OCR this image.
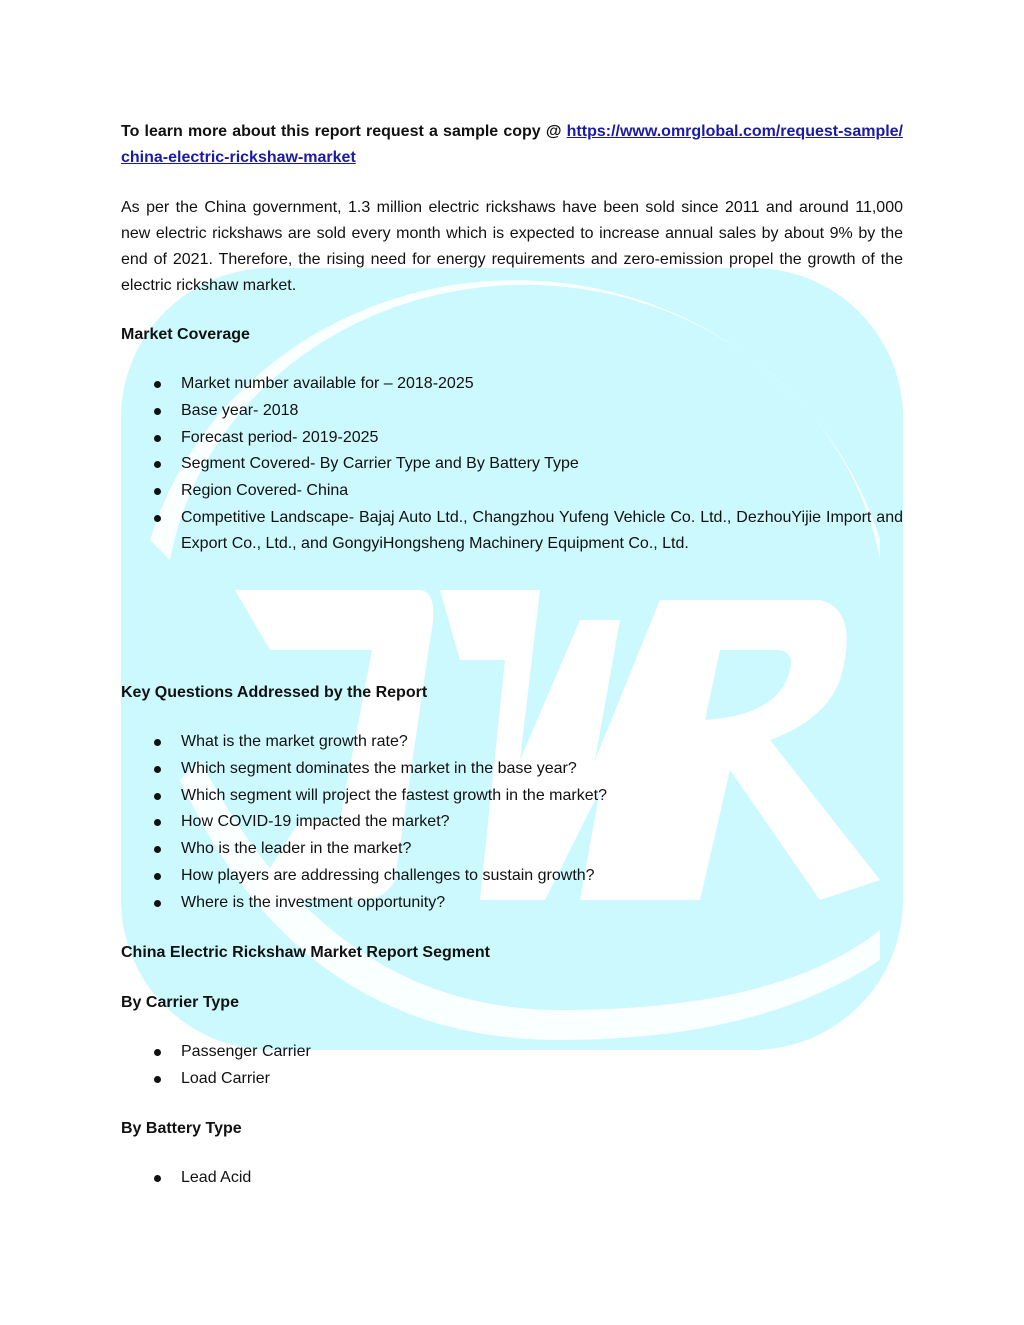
To learn more about this report request a sample copy @ https://www.omrglobal.com/request-sample/china-electric-rickshaw-market

As per the China government, 1.3 million electric rickshaws have been sold since 2011 and around 11,000 new electric rickshaws are sold every month which is expected to increase annual sales by about 9% by the end of 2021. Therefore, the rising need for energy requirements and zero-emission propel the growth of the electric rickshaw market.

Market Coverage
Market number available for – 2018-2025
Base year- 2018
Forecast period- 2019-2025
Segment Covered- By Carrier Type and By Battery Type
Region Covered- China
Competitive Landscape- Bajaj Auto Ltd., Changzhou Yufeng Vehicle Co. Ltd., DezhouYijie Import and Export Co., Ltd., and GongyiHongsheng Machinery Equipment Co., Ltd.
Key Questions Addressed by the Report
What is the market growth rate?
Which segment dominates the market in the base year?
Which segment will project the fastest growth in the market?
How COVID-19 impacted the market?
Who is the leader in the market?
How players are addressing challenges to sustain growth?
Where is the investment opportunity?
China Electric Rickshaw Market Report Segment
By Carrier Type
Passenger Carrier
Load Carrier
By Battery Type
Lead Acid
